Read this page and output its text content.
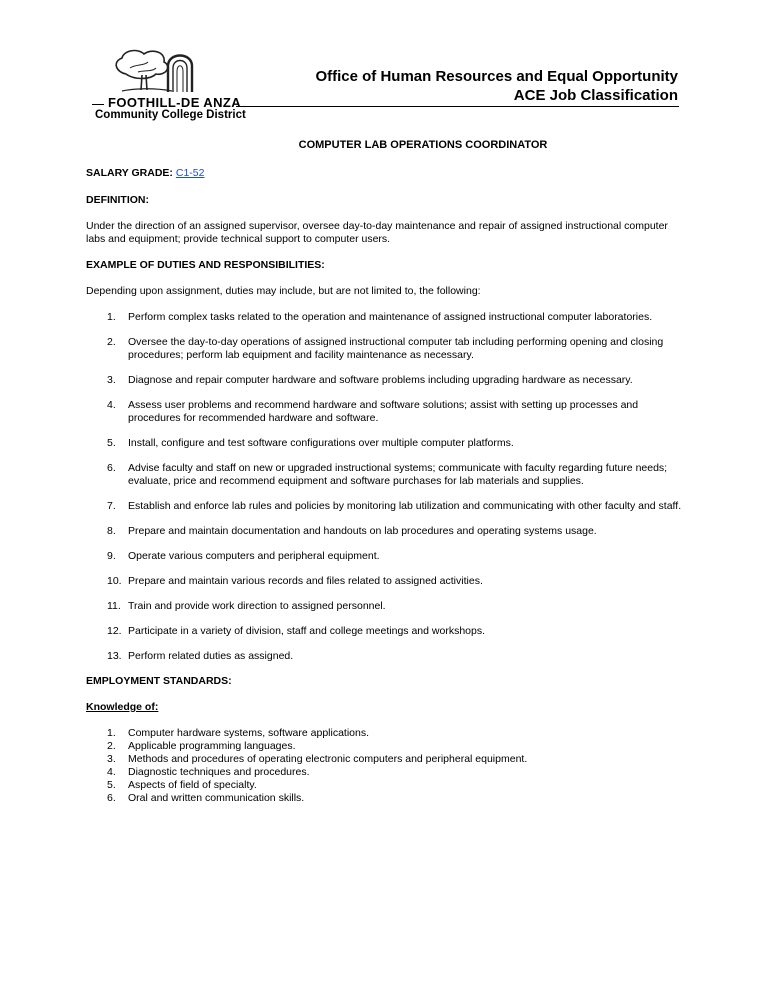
FOOTHILL-DE ANZA
Community College District
Office of Human Resources and Equal Opportunity
ACE Job Classification

COMPUTER LAB OPERATIONS COORDINATOR

SALARY GRADE: C1-52

DEFINITION:

Under the direction of an assigned supervisor, oversee day-to-day maintenance and repair of assigned instructional computer labs and equipment; provide technical support to computer users.

EXAMPLE OF DUTIES AND RESPONSIBILITIES:

Depending upon assignment, duties may include, but are not limited to, the following:

1.	Perform complex tasks related to the operation and maintenance of assigned instructional computer laboratories.
2.	Oversee the day-to-day operations of assigned instructional computer tab including performing opening and closing procedures; perform lab equipment and facility maintenance as necessary.
3.	Diagnose and repair computer hardware and software problems including upgrading hardware as necessary.
4.	Assess user problems and recommend hardware and software solutions; assist with setting up processes and procedures for recommended hardware and software.
5.	Install, configure and test software configurations over multiple computer platforms.
6.	Advise faculty and staff on new or upgraded instructional systems; communicate with faculty regarding future needs; evaluate, price and recommend equipment and software purchases for lab materials and supplies.
7.	Establish and enforce lab rules and policies by monitoring lab utilization and communicating with other faculty and staff.
8.	Prepare and maintain documentation and handouts on lab procedures and operating systems usage.
9.	Operate various computers and peripheral equipment.
10. Prepare and maintain various records and files related to assigned activities.
11. Train and provide work direction to assigned personnel.
12. Participate in a variety of division, staff and college meetings and workshops.
13. Perform related duties as assigned.

EMPLOYMENT STANDARDS:

Knowledge of:

1.	Computer hardware systems, software applications.
2.	Applicable programming languages.
3.	Methods and procedures of operating electronic computers and peripheral equipment.
4.	Diagnostic techniques and procedures.
5.	Aspects of field of specialty.
6.	Oral and written communication skills.
